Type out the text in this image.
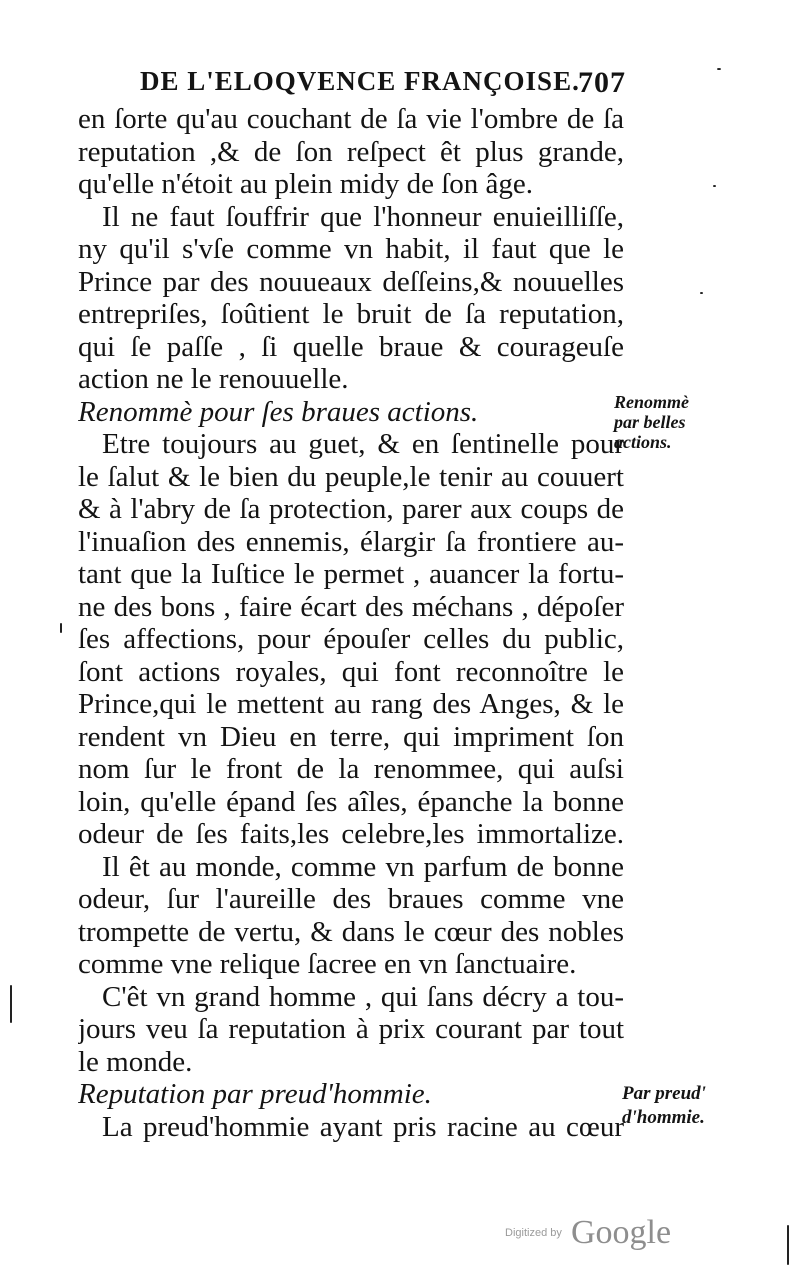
DE L'ELOQVENCE FRANÇOISE.
707
en ſorte qu'au couchant de ſa vie l'ombre de ſa
reputation ,& de ſon reſpect êt plus grande,
qu'elle n'étoit au plein midy de ſon âge.
Il ne faut ſouffrir que l'honneur enuieilliſſe,
ny qu'il s'vſe comme vn habit, il faut que le
Prince par des nouueaux deſſeins,& nouuelles
entrepriſes, ſoûtient le bruit de ſa reputation,
qui ſe paſſe , ſi quelle braue & courageuſe
action ne le renouuelle.
Renommè pour ſes braues actions.
Etre toujours au guet, & en ſentinelle pour
le ſalut & le bien du peuple,le tenir au couuert
& à l'abry de ſa protection, parer aux coups de
l'inuaſion des ennemis, élargir ſa frontiere au-
tant que la Iuſtice le permet , auancer la fortu-
ne des bons , faire écart des méchans , dépoſer
ſes affections, pour épouſer celles du public,
ſont actions royales, qui font reconnoître le
Prince,qui le mettent au rang des Anges, & le
rendent vn Dieu en terre, qui impriment ſon
nom ſur le front de la renommee, qui auſsi
loin, qu'elle épand ſes aîles, épanche la bonne
odeur de ſes faits,les celebre,les immortalize.
Il êt au monde, comme vn parfum de bonne
odeur, ſur l'aureille des braues comme vne
trompette de vertu, & dans le cœur des nobles
comme vne relique ſacree en vn ſanctuaire.
C'êt vn grand homme , qui ſans décry a tou-
jours veu ſa reputation à prix courant par tout
le monde.
Reputation par preud'hommie.
La preud'hommie ayant pris racine au cœur
Renommè
par belles
actions.
Par preud'
d'hommie.
Digitized by Google
